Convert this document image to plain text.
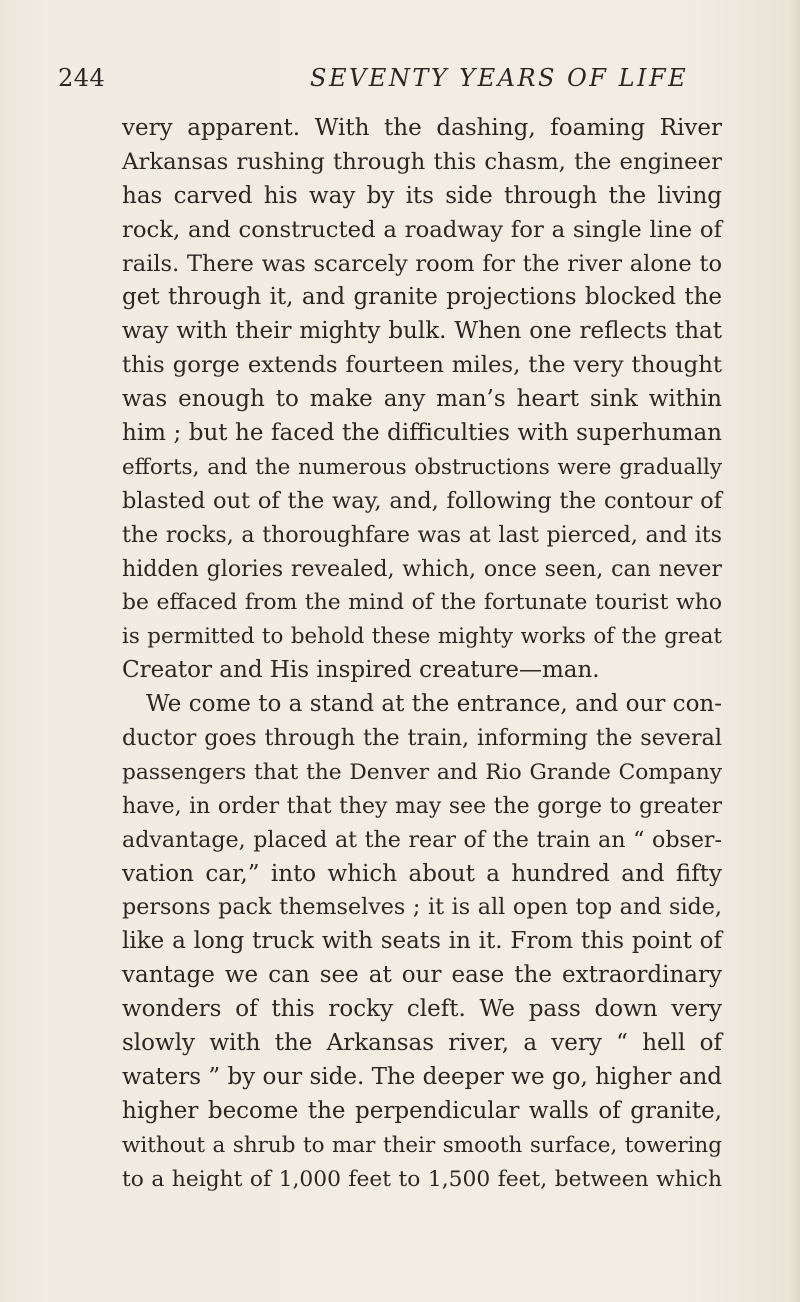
244	SEVENTY YEARS OF LIFE
very apparent. With the dashing, foaming River
Arkansas rushing through this chasm, the engineer
has carved his way by its side through the living
rock, and constructed a roadway for a single line of
rails. There was scarcely room for the river alone to
get through it, and granite projections blocked the
way with their mighty bulk. When one reflects that
this gorge extends fourteen miles, the very thought
was enough to make any man’s heart sink within
him ; but he faced the difficulties with superhuman
efforts, and the numerous obstructions were gradually
blasted out of the way, and, following the contour of
the rocks, a thoroughfare was at last pierced, and its
hidden glories revealed, which, once seen, can never
be effaced from the mind of the fortunate tourist who
is permitted to behold these mighty works of the great
Creator and His inspired creature—man.
We come to a stand at the entrance, and our con-
ductor goes through the train, informing the several
passengers that the Denver and Rio Grande Company
have, in order that they may see the gorge to greater
advantage, placed at the rear of the train an “ obser-
vation car,” into which about a hundred and fifty
persons pack themselves ; it is all open top and side,
like a long truck with seats in it. From this point of
vantage we can see at our ease the extraordinary
wonders of this rocky cleft. We pass down very
slowly with the Arkansas river, a very “ hell of
waters ” by our side. The deeper we go, higher and
higher become the perpendicular walls of granite,
without a shrub to mar their smooth surface, towering
to a height of 1,000 feet to 1,500 feet, between which
